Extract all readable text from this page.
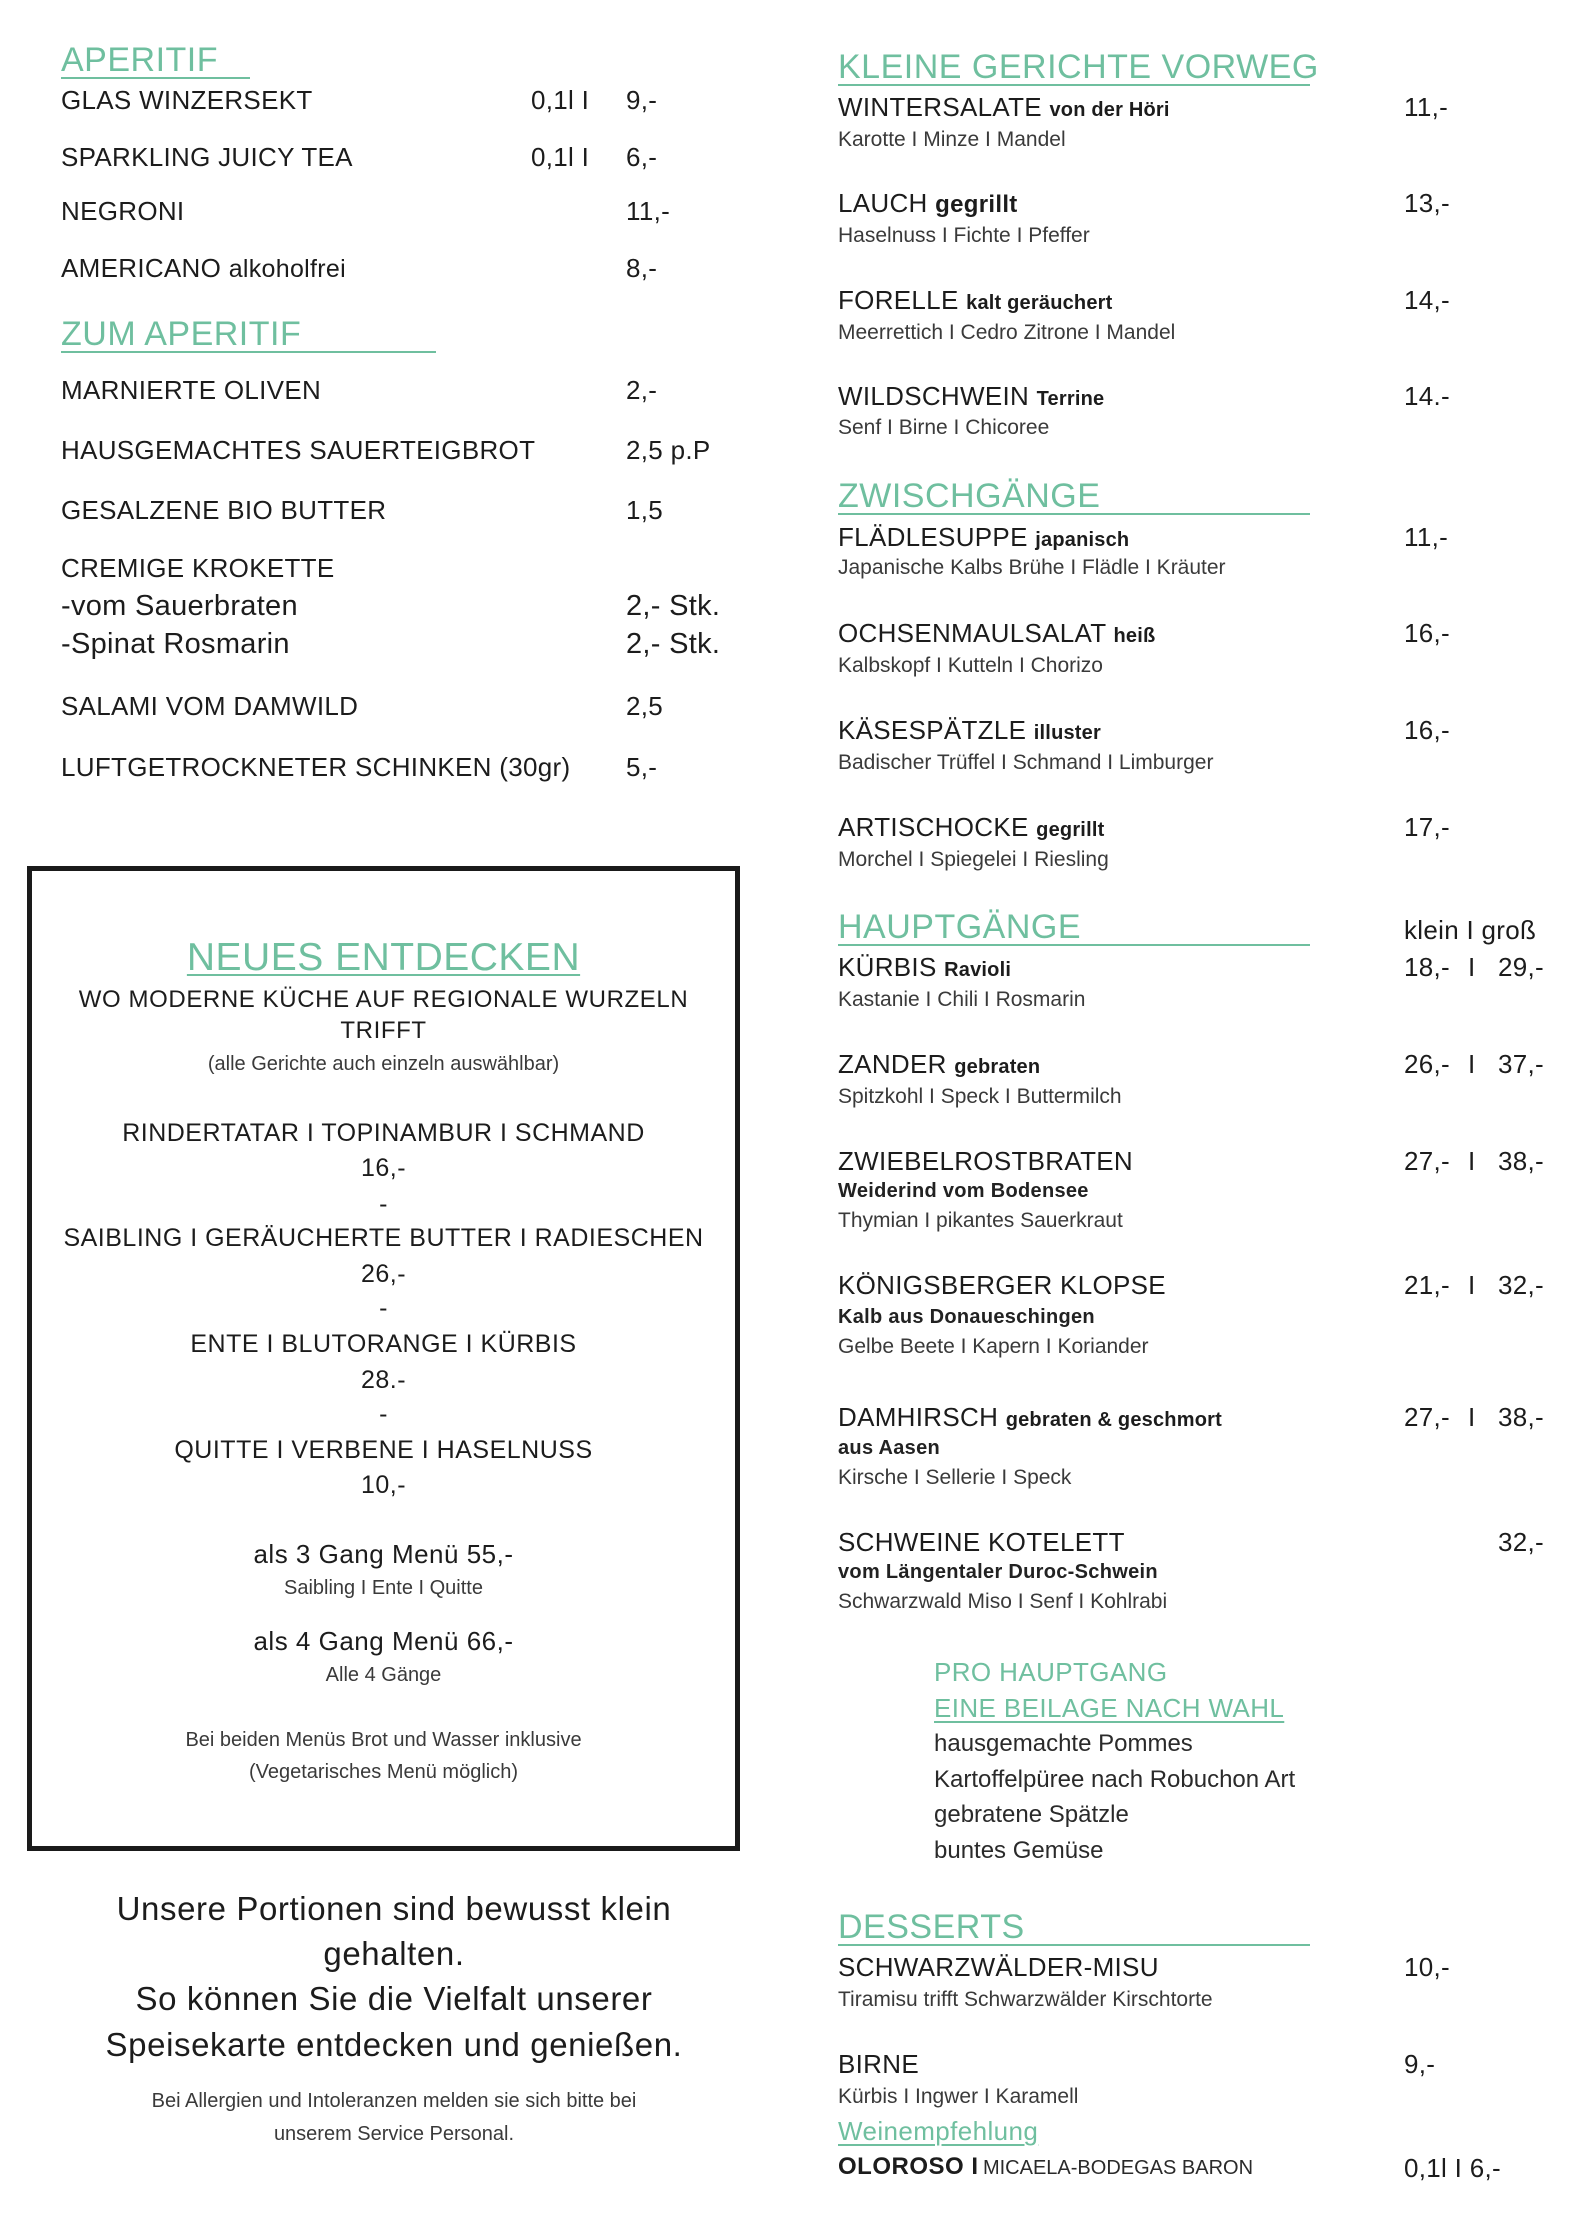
APERITIF
GLAS WINZERSEKT	0,1l I 9,-
SPARKLING JUICY TEA	0,1l I 6,-
NEGRONI	11,-
AMERICANO alkoholfrei	8,-
ZUM APERITIF
MARNIERTE OLIVEN	2,-
HAUSGEMACHTES SAUERTEIGBROT	2,5 p.P
GESALZENE BIO BUTTER	1,5
CREMIGE KROKETTE
-vom Sauerbraten	2,- Stk.
-Spinat Rosmarin	2,- Stk.
SALAMI VOM DAMWILD	2,5
LUFTGETROCKNETER SCHINKEN (30gr) 5,-
NEUES ENTDECKEN
WO MODERNE KÜCHE AUF REGIONALE WURZELN
TRIFFT
(alle Gerichte auch einzeln auswählbar)
RINDERTATAR I TOPINAMBUR I SCHMAND
16,-
-
SAIBLING I GERÄUCHERTE BUTTER I RADIESCHEN
26,-
-
ENTE I BLUTORANGE I KÜRBIS
28.-
-
QUITTE I VERBENE I HASELNUSS
10,-
als 3 Gang Menü 55,-
Saibling I Ente I Quitte
als 4 Gang Menü 66,-
Alle 4 Gänge
Bei beiden Menüs Brot und Wasser inklusive
(Vegetarisches Menü möglich)
Unsere Portionen sind bewusst klein
gehalten.
So können Sie die Vielfalt unserer
Speisekarte entdecken und genießen.
Bei Allergien und Intoleranzen melden sie sich bitte bei
unserem Service Personal.
KLEINE GERICHTE VORWEG
WINTERSALATE von der Höri	11,-
Karotte I Minze I Mandel
LAUCH gegrillt	13,-
Haselnuss I Fichte I Pfeffer
FORELLE kalt geräuchert	14,-
Meerrettich I Cedro Zitrone I Mandel
WILDSCHWEIN Terrine	14.-
Senf I Birne I Chicoree
ZWISCHGÄNGE
FLÄDLESUPPE japanisch	11,-
Japanische Kalbs Brühe I Flädle I Kräuter
OCHSENMAULSALAT heiß	16,-
Kalbskopf I Kutteln I Chorizo
KÄSESPÄTZLE illuster	16,-
Badischer Trüffel I Schmand I Limburger
ARTISCHOCKE gegrillt	17,-
Morchel I Spiegelei I Riesling
HAUPTGÄNGE	klein I groß
KÜRBIS Ravioli	18,- I 29,-
Kastanie I Chili I Rosmarin
ZANDER gebraten	26,- I 37,-
Spitzkohl I Speck I Buttermilch
ZWIEBELROSTBRATEN	27,- I 38,-
Weiderind vom Bodensee
Thymian I pikantes Sauerkraut
KÖNIGSBERGER KLOPSE	21,- I 32,-
Kalb aus Donaueschingen
Gelbe Beete I Kapern I Koriander
DAMHIRSCH gebraten & geschmort	27,- I 38,-
aus Aasen
Kirsche I Sellerie I Speck
SCHWEINE KOTELETT	32,-
vom Längentaler Duroc-Schwein
Schwarzwald Miso I Senf I Kohlrabi
PRO HAUPTGANG
EINE BEILAGE NACH WAHL
hausgemachte Pommes
Kartoffelpüree nach Robuchon Art
gebratene Spätzle
buntes Gemüse
DESSERTS
SCHWARZWÄLDER-MISU	10,-
Tiramisu trifft Schwarzwälder Kirschtorte
BIRNE	9,-
Kürbis I Ingwer I Karamell
Weinempfehlung
OLOROSO I MICAELA-BODEGAS BARON	0,1l I 6,-
